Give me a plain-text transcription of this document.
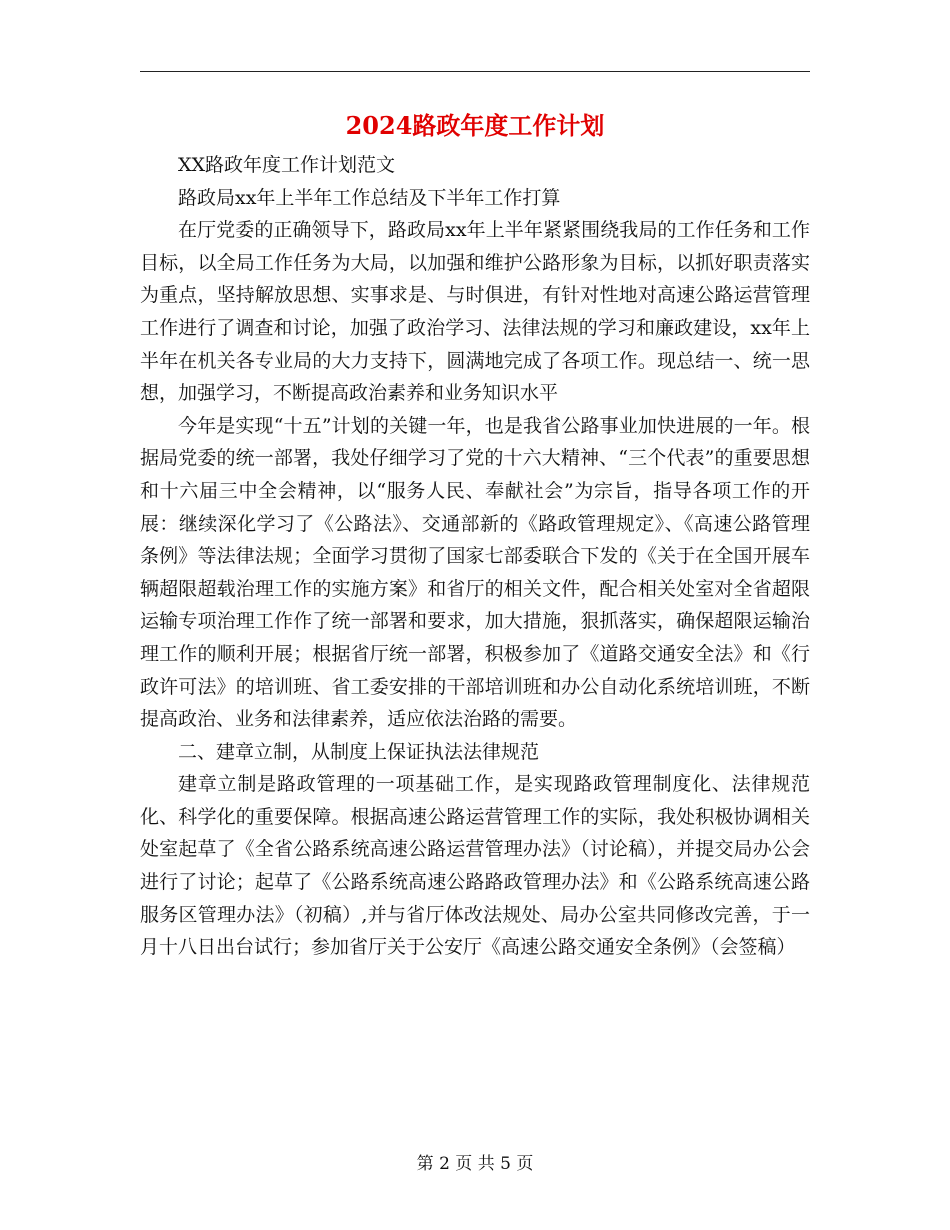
2024路政年度工作计划

XX路政年度工作计划范文

路政局xx年上半年工作总结及下半年工作打算

在厅党委的正确领导下，路政局xx年上半年紧紧围绕我局的工作任务和工作目标，以全局工作任务为大局，以加强和维护公路形象为目标，以抓好职责落实为重点，坚持解放思想、实事求是、与时俱进，有针对性地对高速公路运营管理工作进行了调查和讨论，加强了政治学习、法律法规的学习和廉政建设，xx年上半年在机关各专业局的大力支持下，圆满地完成了各项工作。现总结一、统一思想，加强学习，不断提高政治素养和业务知识水平

今年是实现“十五”计划的关键一年，也是我省公路事业加快进展的一年。根据局党委的统一部署，我处仔细学习了党的十六大精神、“三个代表”的重要思想和十六届三中全会精神，以“服务人民、奉献社会”为宗旨，指导各项工作的开展：继续深化学习了《公路法》、交通部新的《路政管理规定》、《高速公路管理条例》等法律法规；全面学习贯彻了国家七部委联合下发的《关于在全国开展车辆超限超载治理工作的实施方案》和省厅的相关文件，配合相关处室对全省超限运输专项治理工作作了统一部署和要求，加大措施，狠抓落实，确保超限运输治理工作的顺利开展；根据省厅统一部署，积极参加了《道路交通安全法》和《行政许可法》的培训班、省工委安排的干部培训班和办公自动化系统培训班，不断提高政治、业务和法律素养，适应依法治路的需要。

二、建章立制，从制度上保证执法法律规范

建章立制是路政管理的一项基础工作，是实现路政管理制度化、法律规范化、科学化的重要保障。根据高速公路运营管理工作的实际，我处积极协调相关处室起草了《全省公路系统高速公路运营管理办法》（讨论稿），并提交局办公会进行了讨论；起草了《公路系统高速公路路政管理办法》和《公路系统高速公路服务区管理办法》（初稿）,并与省厅体改法规处、局办公室共同修改完善，于一月十八日出台试行；参加省厅关于公安厅《高速公路交通安全条例》（会签稿）

第 2 页 共 5 页
